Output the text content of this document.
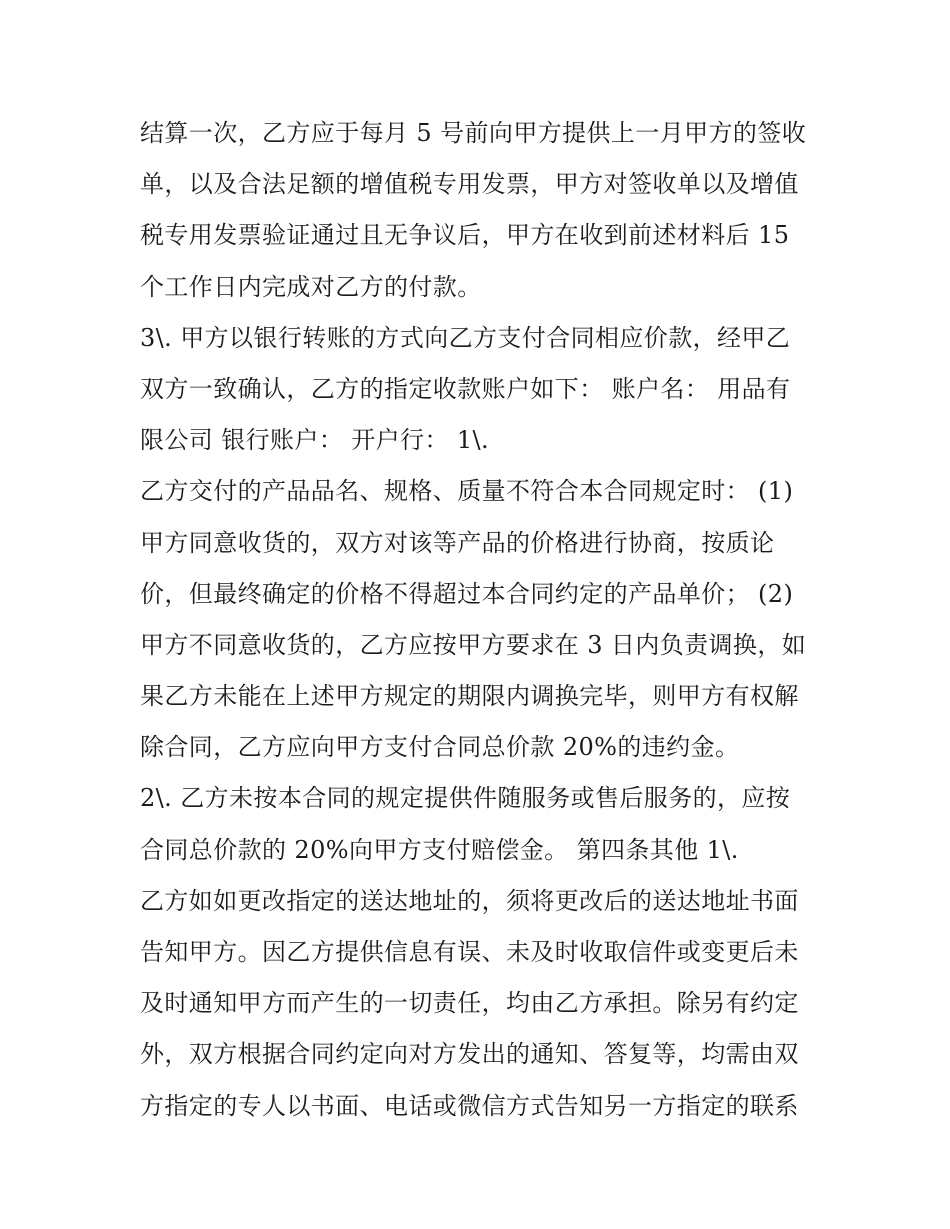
结算一次，乙方应于每月 5 号前向甲方提供上一月甲方的签收
单，以及合法足额的增值税专用发票，甲方对签收单以及增值
税专用发票验证通过且无争议后，甲方在收到前述材料后 15
个工作日内完成对乙方的付款。
3\. 甲方以银行转账的方式向乙方支付合同相应价款，经甲乙
双方一致确认，乙方的指定收款账户如下： 账户名： 用品有
限公司 银行账户： 开户行： 1\.
乙方交付的产品品名、规格、质量不符合本合同规定时： (1)
甲方同意收货的，双方对该等产品的价格进行协商，按质论
价，但最终确定的价格不得超过本合同约定的产品单价； (2)
甲方不同意收货的，乙方应按甲方要求在 3 日内负责调换，如
果乙方未能在上述甲方规定的期限内调换完毕，则甲方有权解
除合同，乙方应向甲方支付合同总价款 20%的违约金。
2\. 乙方未按本合同的规定提供件随服务或售后服务的，应按
合同总价款的 20%向甲方支付赔偿金。 第四条其他 1\.
乙方如如更改指定的送达地址的，须将更改后的送达地址书面
告知甲方。因乙方提供信息有误、未及时收取信件或变更后未
及时通知甲方而产生的一切责任，均由乙方承担。除另有约定
外，双方根据合同约定向对方发出的通知、答复等，均需由双
方指定的专人以书面、电话或微信方式告知另一方指定的联系
